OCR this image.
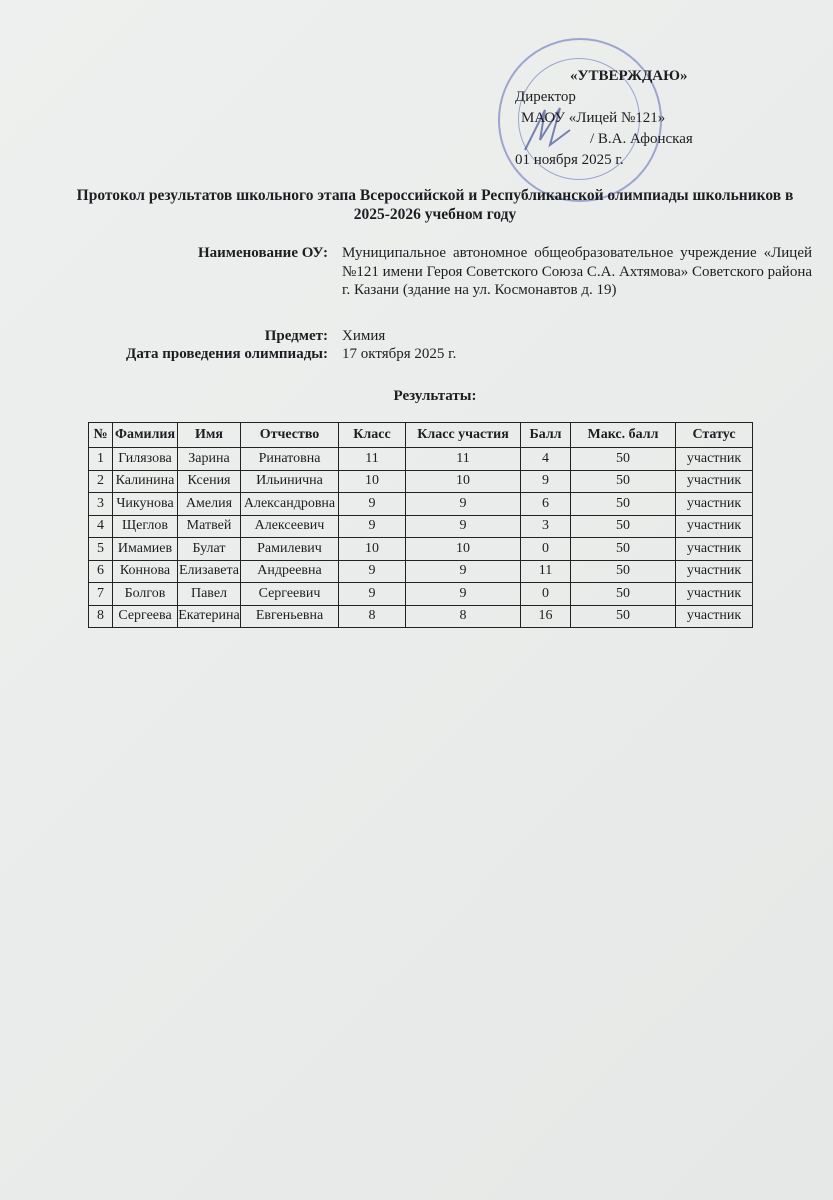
«УТВЕРЖДАЮ»
Директор
МАОУ «Лицей №121»
/ В.А. Афонская
01 ноября 2025 г.
Протокол результатов школьного этапа Всероссийской и Республиканской олимпиады школьников в 2025-2026 учебном году
Наименование ОУ: Муниципальное автономное общеобразовательное учреждение «Лицей №121 имени Героя Советского Союза С.А. Ахтямова» Советского района г. Казани (здание на ул. Космонавтов д. 19)
Предмет: Химия
Дата проведения олимпиады: 17 октября 2025 г.
Результаты:
№	Фамилия	Имя	Отчество	Класс	Класс участия	Балл	Макс. балл	Статус
1	Гилязова	Зарина	Ринатовна	11	11	4	50	участник
2	Калинина	Ксения	Ильинична	10	10	9	50	участник
3	Чикунова	Амелия	Александровна	9	9	6	50	участник
4	Щеглов	Матвей	Алексеевич	9	9	3	50	участник
5	Имамиев	Булат	Рамилевич	10	10	0	50	участник
6	Коннова	Елизавета	Андреевна	9	9	11	50	участник
7	Болгов	Павел	Сергеевич	9	9	0	50	участник
8	Сергеева	Екатерина	Евгеньевна	8	8	16	50	участник
